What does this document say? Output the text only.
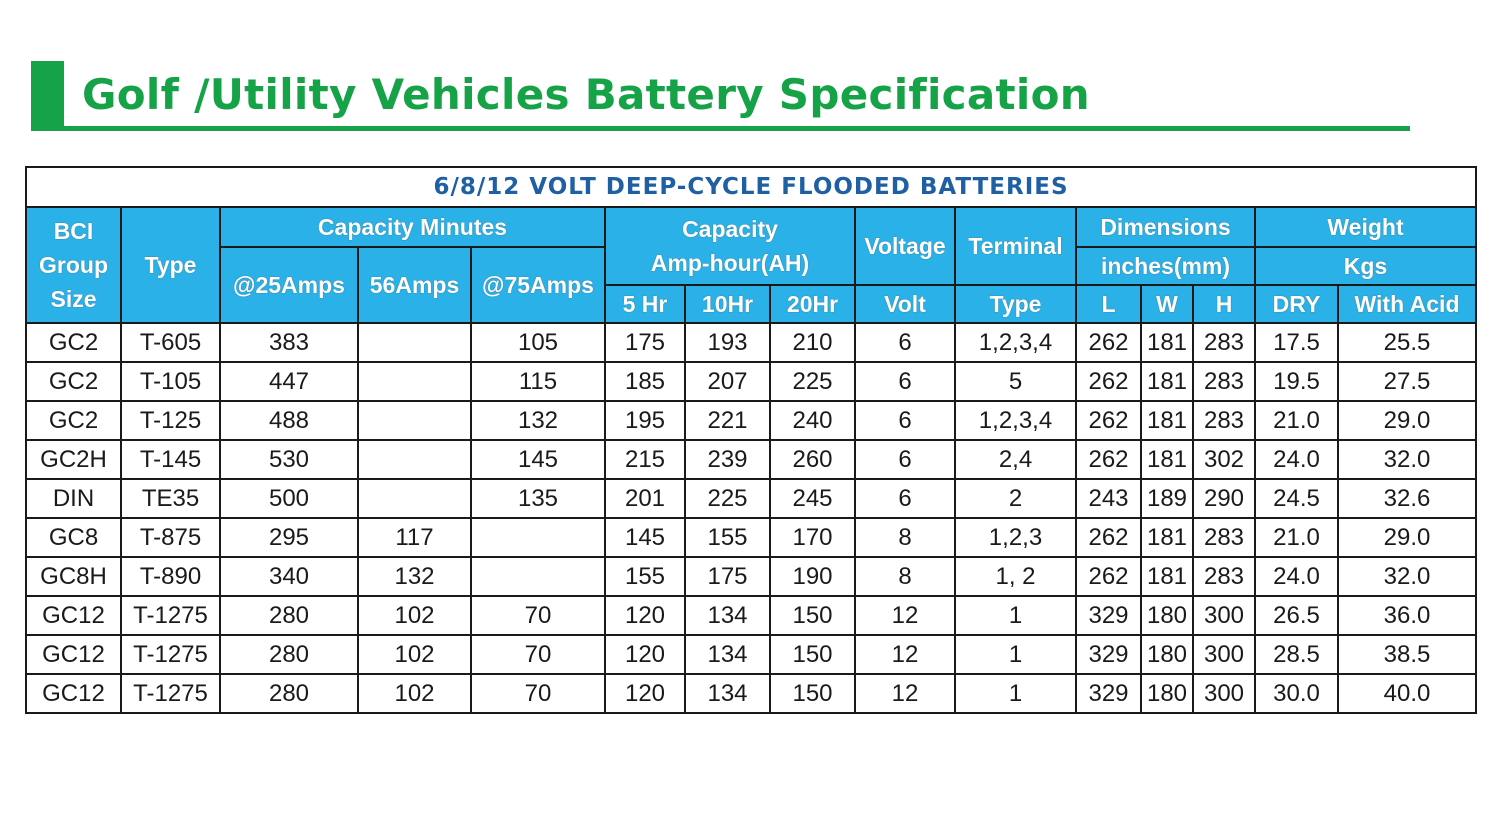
Golf /Utility Vehicles Battery Specification
6/8/12 VOLT DEEP-CYCLE FLOODED BATTERIES														

BCI
Group
Size	Type	Capacity Minutes			Capacity
Amp-hour(AH)			Voltage	Terminal	Dimensions			Weight	
		@25Amps	56Amps	@75Amps						inches(mm)			Kgs	
					5 Hr	10Hr	20Hr	Volt	Type	L	W	H	DRY	With Acid
GC2	T-605	383		105	175	193	210	6	1,2,3,4	262	181	283	17.5	25.5
GC2	T-105	447		115	185	207	225	6	5	262	181	283	19.5	27.5
GC2	T-125	488		132	195	221	240	6	1,2,3,4	262	181	283	21.0	29.0
GC2H	T-145	530		145	215	239	260	6	2,4	262	181	302	24.0	32.0
DIN	TE35	500		135	201	225	245	6	2	243	189	290	24.5	32.6
GC8	T-875	295	117		145	155	170	8	1,2,3	262	181	283	21.0	29.0
GC8H	T-890	340	132		155	175	190	8	1, 2	262	181	283	24.0	32.0
GC12	T-1275	280	102	70	120	134	150	12	1	329	180	300	26.5	36.0
GC12	T-1275	280	102	70	120	134	150	12	1	329	180	300	28.5	38.5
GC12	T-1275	280	102	70	120	134	150	12	1	329	180	300	30.0	40.0
